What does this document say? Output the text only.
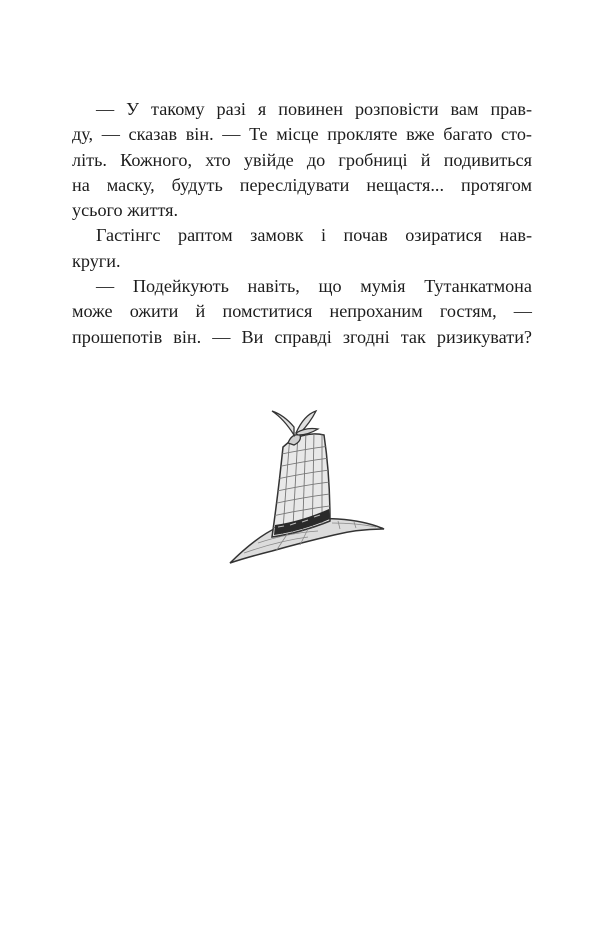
— У такому разі я повинен розповісти вам прав-
ду, — сказав він. — Те місце прокляте вже багато сто-
літь. Кожного, хто увійде до гробниці й подивиться
на маску, будуть переслідувати нещастя... протягом
усього життя.
Гастінгс раптом замовк і почав озиратися нав-
круги.
— Подейкують навіть, що мумія Тутанкатмона
може ожити й помститися непроханим гостям, —
прошепотів він. — Ви справді згодні так ризикувати?
